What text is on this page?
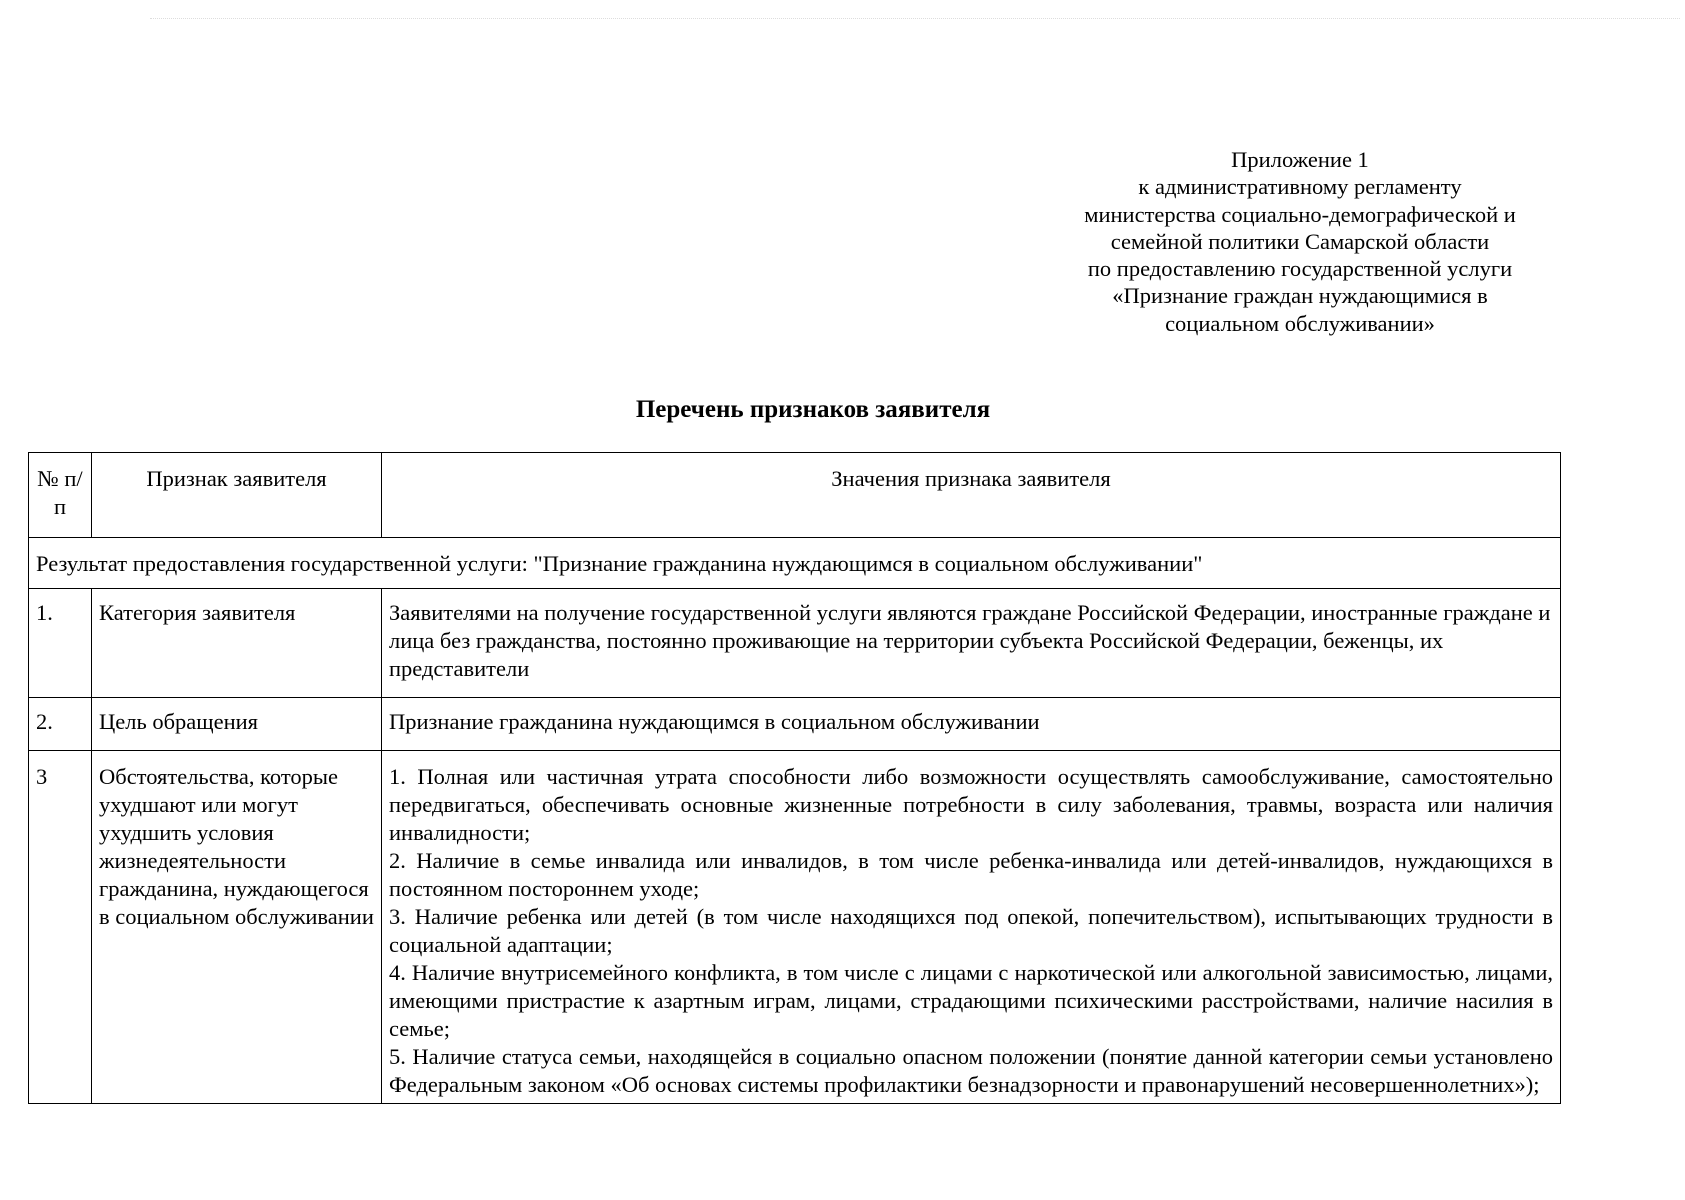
Приложение 1
к административному регламенту
министерства социально-демографической и
семейной политики Самарской области
по предоставлению государственной услуги
«Признание граждан нуждающимися в
социальном обслуживании»
Перечень признаков заявителя
№ п/п	Признак заявителя	Значения признака заявителя
Результат предоставления государственной услуги: "Признание гражданина нуждающимся в социальном обслуживании"		
1.	Категория заявителя	Заявителями на получение государственной услуги являются граждане Российской Федерации, иностранные граждане и лица без гражданства, постоянно проживающие на территории субъекта Российской Федерации, беженцы, их представители
2.	Цель обращения	Признание гражданина нуждающимся в социальном обслуживании
3	Обстоятельства, которые ухудшают или могут ухудшить условия жизнедеятельности гражданина, нуждающегося в социальном обслуживании	1. Полная или частичная утрата способности либо возможности осуществлять самообслуживание, самостоятельно передвигаться, обеспечивать основные жизненные потребности в силу заболевания, травмы, возраста или наличия инвалидности;

2. Наличие в семье инвалида или инвалидов, в том числе ребенка-инвалида или детей-инвалидов, нуждающихся в постоянном постороннем уходе;

3. Наличие ребенка или детей (в том числе находящихся под опекой, попечительством), испытывающих трудности в социальной адаптации;

4. Наличие внутрисемейного конфликта, в том числе с лицами с наркотической или алкогольной зависимостью, лицами, имеющими пристрастие к азартным играм, лицами, страдающими психическими расстройствами, наличие насилия в семье;

5. Наличие статуса семьи, находящейся в социально опасном положении (понятие данной категории семьи установлено Федеральным законом «Об основах системы профилактики безнадзорности и правонарушений несовершеннолетних»);
